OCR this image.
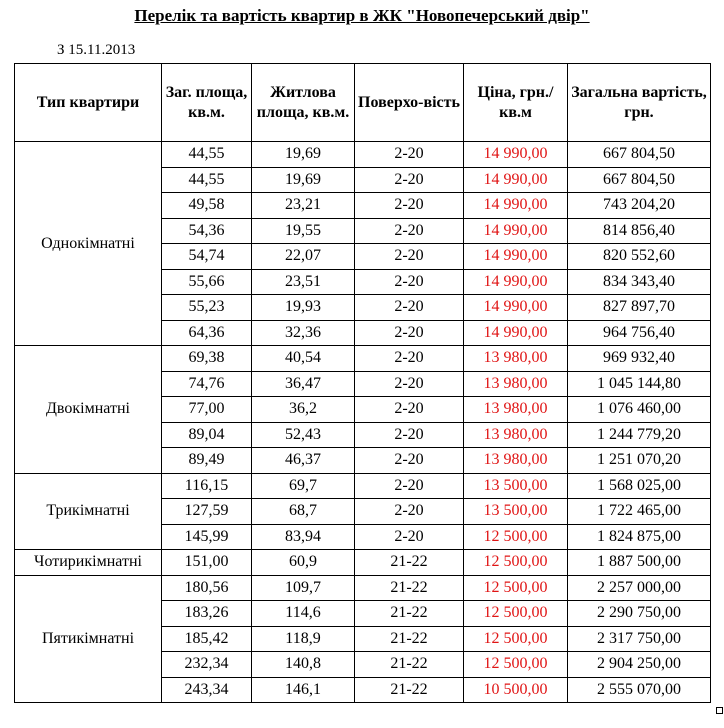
Перелік та вартість квартир в ЖК "Новопечерський двір"
З 15.11.2013
Тип квартири	Заг. площа, кв.м.	Житлова площа, кв.м.	Поверхо-вість	Ціна, грн./кв.м	Загальна вартість, грн.
Однокімнатні	44,55	19,69	2-20	14 990,00	667 804,50
	44,55	19,69	2-20	14 990,00	667 804,50
	49,58	23,21	2-20	14 990,00	743 204,20
	54,36	19,55	2-20	14 990,00	814 856,40
	54,74	22,07	2-20	14 990,00	820 552,60
	55,66	23,51	2-20	14 990,00	834 343,40
	55,23	19,93	2-20	14 990,00	827 897,70
	64,36	32,36	2-20	14 990,00	964 756,40
Двокімнатні	69,38	40,54	2-20	13 980,00	969 932,40
	74,76	36,47	2-20	13 980,00	1 045 144,80
	77,00	36,2	2-20	13 980,00	1 076 460,00
	89,04	52,43	2-20	13 980,00	1 244 779,20
	89,49	46,37	2-20	13 980,00	1 251 070,20
Трикімнатні	116,15	69,7	2-20	13 500,00	1 568 025,00
	127,59	68,7	2-20	13 500,00	1 722 465,00
	145,99	83,94	2-20	12 500,00	1 824 875,00
Чотирикімнатні	151,00	60,9	21-22	12 500,00	1 887 500,00
Пятикімнатні	180,56	109,7	21-22	12 500,00	2 257 000,00
	183,26	114,6	21-22	12 500,00	2 290 750,00
	185,42	118,9	21-22	12 500,00	2 317 750,00
	232,34	140,8	21-22	12 500,00	2 904 250,00
	243,34	146,1	21-22	10 500,00	2 555 070,00
